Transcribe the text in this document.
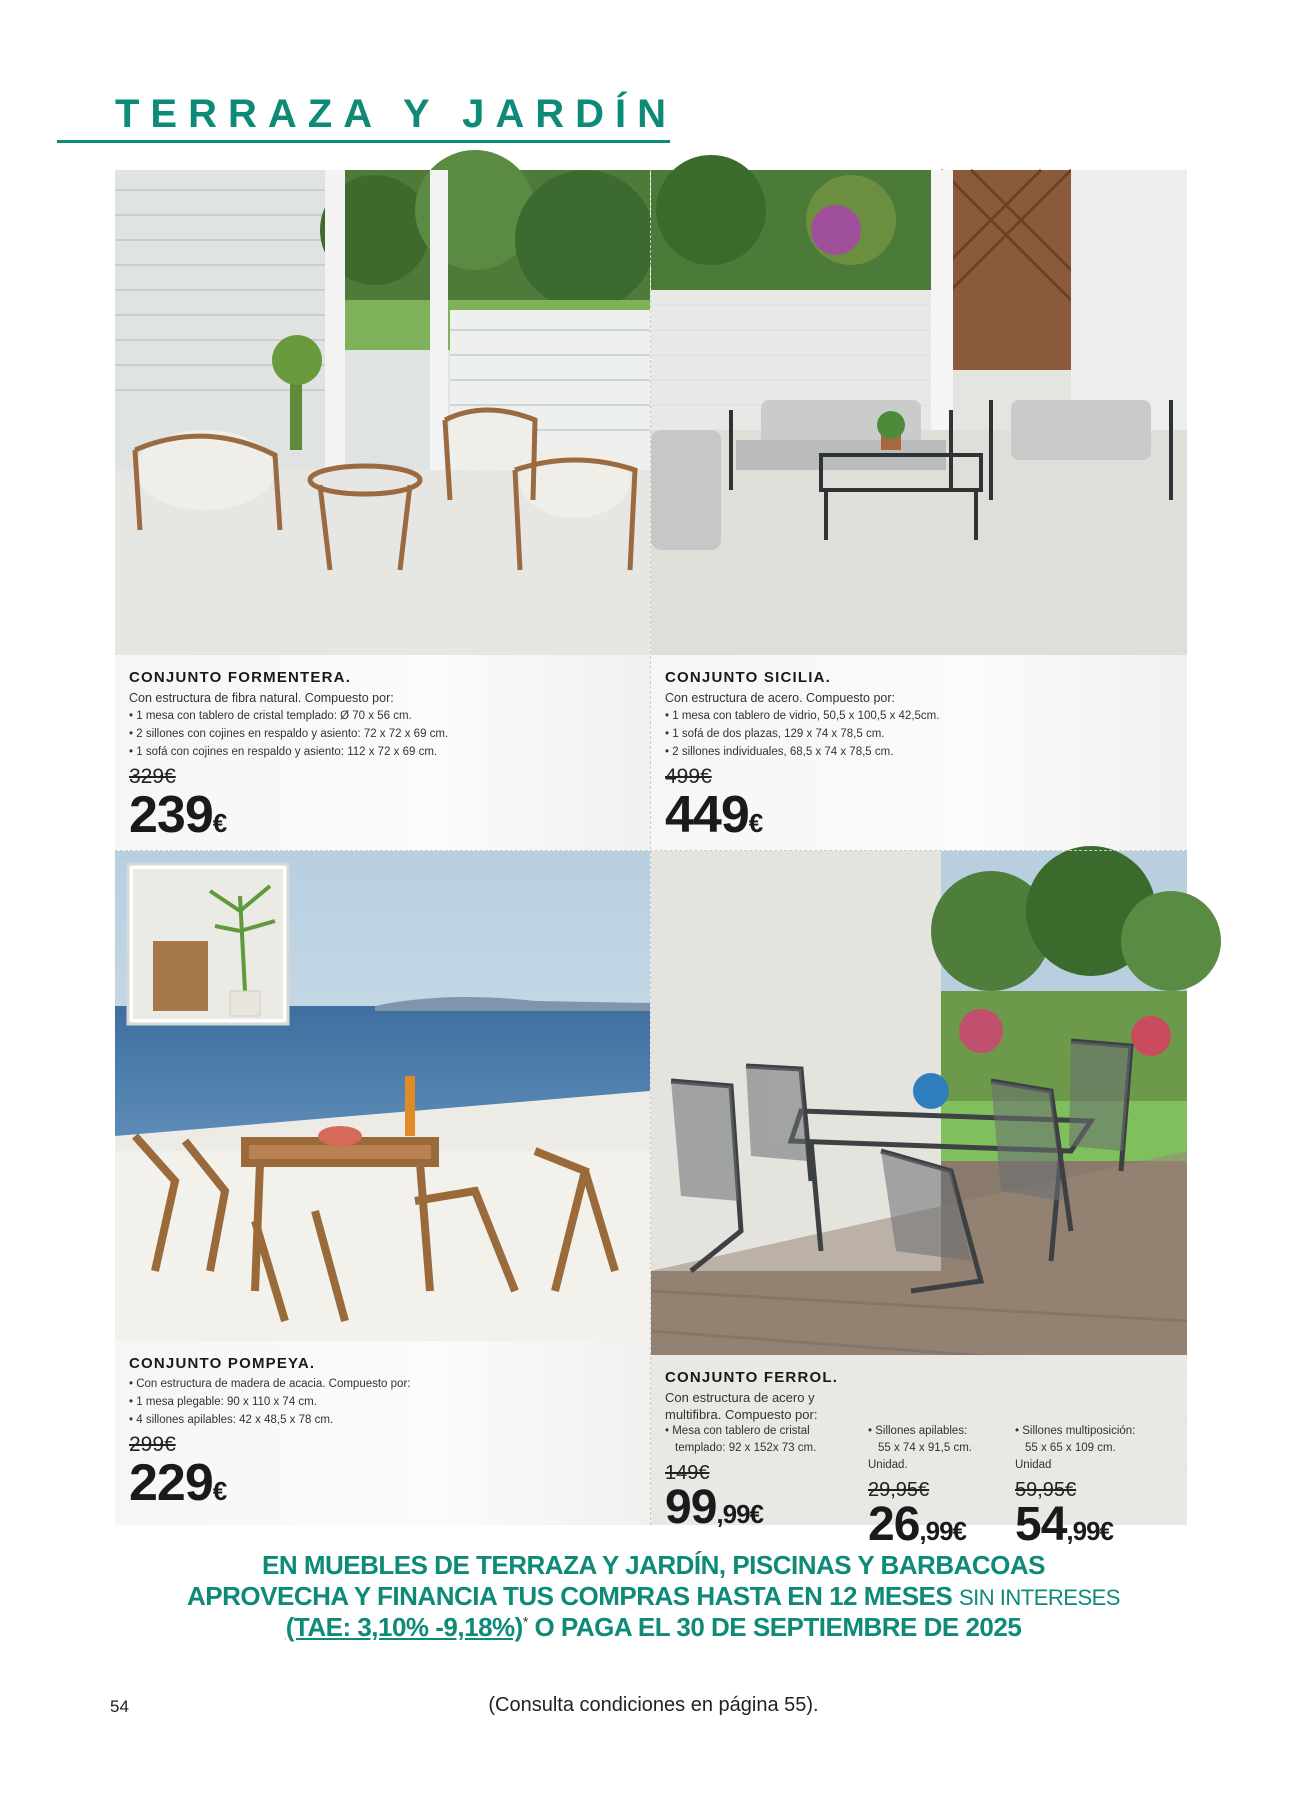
TERRAZA Y JARDÍN
CONJUNTO FORMENTERA.

Con estructura de fibra natural. Compuesto por:

• 1 mesa con tablero de cristal templado: Ø 70 x 56 cm.
• 2 sillones con cojines en respaldo y asiento: 72 x 72 x 69 cm.
• 1 sofá con cojines en respaldo y asiento: 112 x 72 x 69 cm.
329€
239€
CONJUNTO SICILIA.

Con estructura de acero. Compuesto por:

• 1 mesa con tablero de vidrio, 50,5 x 100,5 x 42,5cm.
• 1 sofá de dos plazas, 129 x 74 x 78,5 cm.
• 2 sillones individuales, 68,5 x 74 x 78,5 cm.
499€
449€
CONJUNTO POMPEYA.
• Con estructura de madera de acacia. Compuesto por:
• 1 mesa plegable: 90 x 110 x 74 cm.
• 4 sillones apilables: 42 x 48,5 x 78 cm.
299€
229€
CONJUNTO FERROL.

Con estructura de acero y

multifibra. Compuesto por:

• Mesa con tablero de cristal

templado: 92 x 152x 73 cm.

149€
99,99€

• Sillones apilables:

55 x 74 x 91,5 cm.

Unidad.

29,95€
26,99€

• Sillones multiposición:

55 x 65 x 109 cm.

Unidad

59,95€
54,99€
EN MUEBLES DE TERRAZA Y JARDÍN, PISCINAS Y BARBACOAS
APROVECHA Y FINANCIA TUS COMPRAS HASTA EN 12 MESES SIN INTERESES
(TAE: 3,10% -9,18%)* O PAGA EL 30 DE SEPTIEMBRE DE 2025
54	(Consulta condiciones en página 55).
